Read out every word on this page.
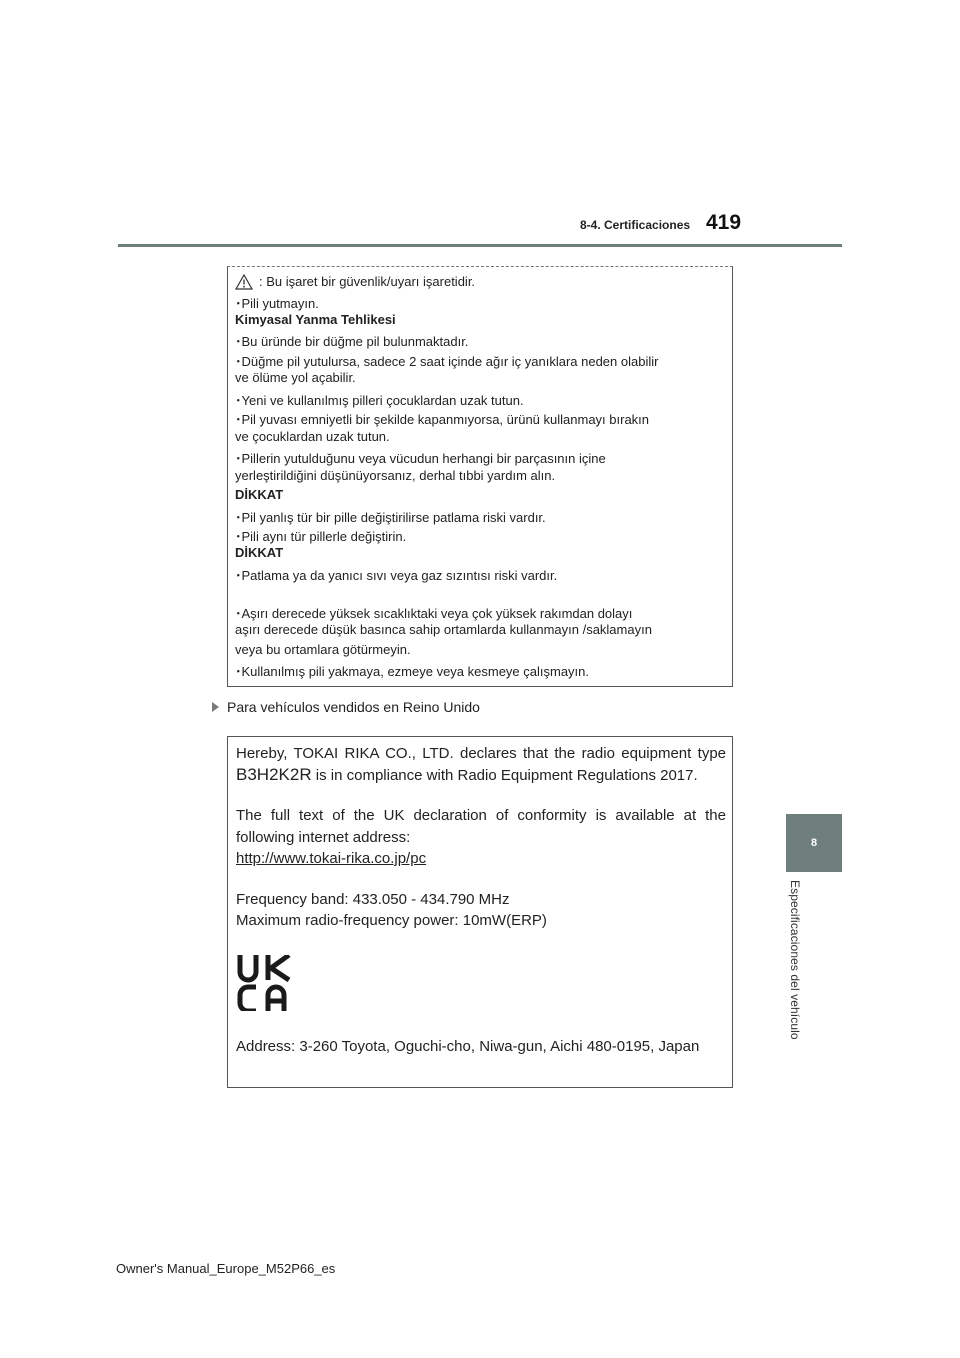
8-4. Certificaciones 419
8
Especificaciones del vehículo
: Bu işaret bir güvenlik/uyarı işaretidir.
･Pili yutmayın.
Kimyasal Yanma Tehlikesi
･Bu üründe bir düğme pil bulunmaktadır.
･Düğme pil yutulursa, sadece 2 saat içinde ağır iç yanıklara neden olabilir
ve ölüme yol açabilir.
･Yeni ve kullanılmış pilleri çocuklardan uzak tutun.
･Pil yuvası emniyetli bir şekilde kapanmıyorsa, ürünü kullanmayı bırakın
ve çocuklardan uzak tutun.
･Pillerin yutulduğunu veya vücudun herhangi bir parçasının içine
yerleştirildiğini düşünüyorsanız, derhal tıbbi yardım alın.
DİKKAT
･Pil yanlış tür bir pille değiştirilirse patlama riski vardır.
･Pili aynı tür pillerle değiştirin.
DİKKAT
･Patlama ya da yanıcı sıvı veya gaz sızıntısı riski vardır.
･Aşırı derecede yüksek sıcaklıktaki veya çok yüksek rakımdan dolayı
aşırı derecede düşük basınca sahip ortamlarda kullanmayın /saklamayın
veya bu ortamlara götürmeyin.
･Kullanılmış pili yakmaya, ezmeye veya kesmeye çalışmayın.
Para vehículos vendidos en Reino Unido
Hereby, TOKAI RIKA CO., LTD. declares that the radio equipment type
B3H2K2R is in compliance with Radio Equipment Regulations 2017.
The full text of the UK declaration of conformity is available at the
following internet address:
http://www.tokai-rika.co.jp/pc
Frequency band: 433.050 - 434.790 MHz
Maximum radio-frequency power: 10mW(ERP)
Address: 3-260 Toyota, Oguchi-cho, Niwa-gun, Aichi 480-0195, Japan
Owner's Manual_Europe_M52P66_es
